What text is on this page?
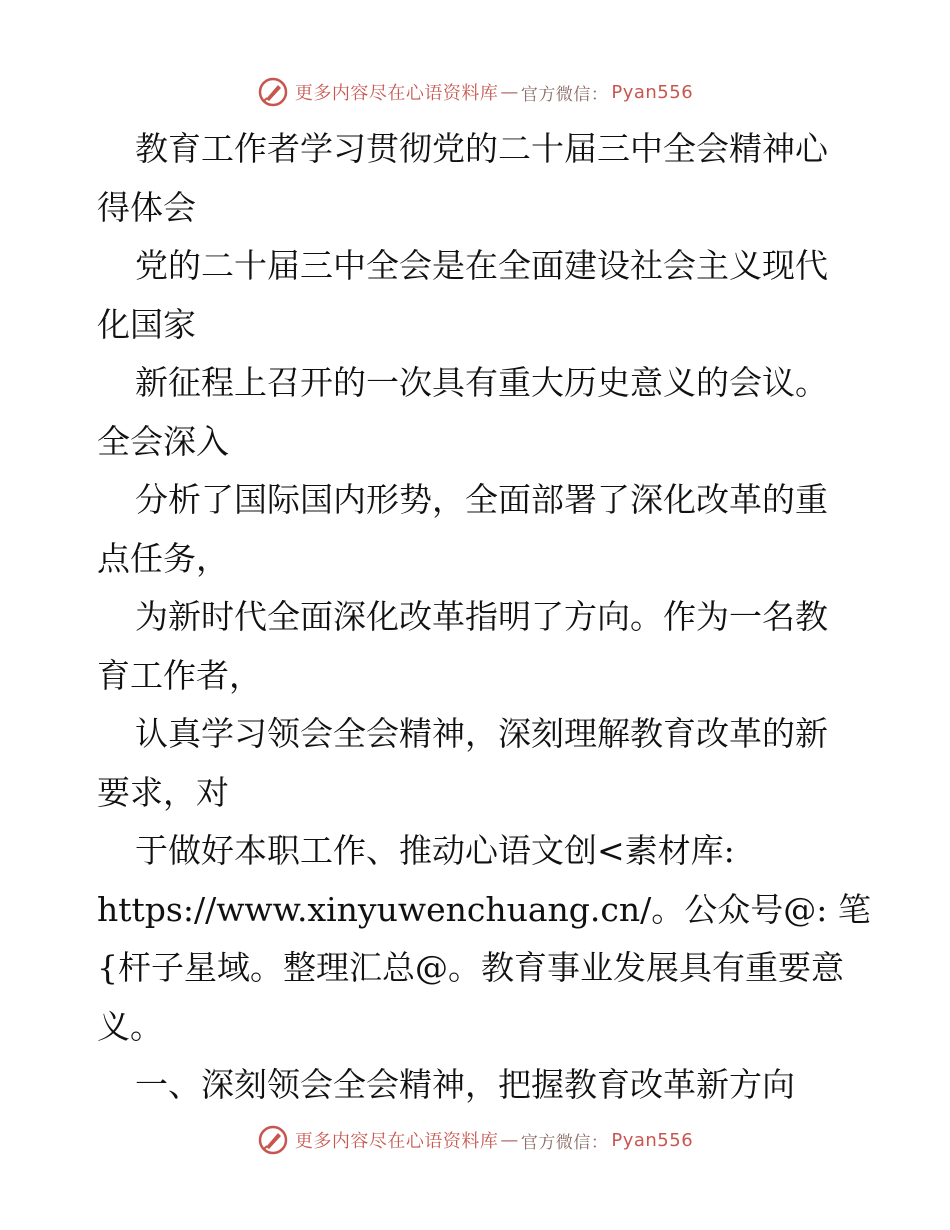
更多内容尽在心语资料库 — 官方微信： Pyan556
教育工作者学习贯彻党的二十届三中全会精神心
得体会
党的二十届三中全会是在全面建设社会主义现代
化国家
新征程上召开的一次具有重大历史意义的会议。
全会深入
分析了国际国内形势，全面部署了深化改革的重
点任务，
为新时代全面深化改革指明了方向。作为一名教
育工作者，
认真学习领会全会精神，深刻理解教育改革的新
要求，对
于做好本职工作、推动心语文创<素材库:
https://www.xinyuwenchuang.cn/。公众号@: 笔
{杆子星域。整理汇总@。教育事业发展具有重要意
义。
一、深刻领会全会精神，把握教育改革新方向
更多内容尽在心语资料库 — 官方微信： Pyan556
